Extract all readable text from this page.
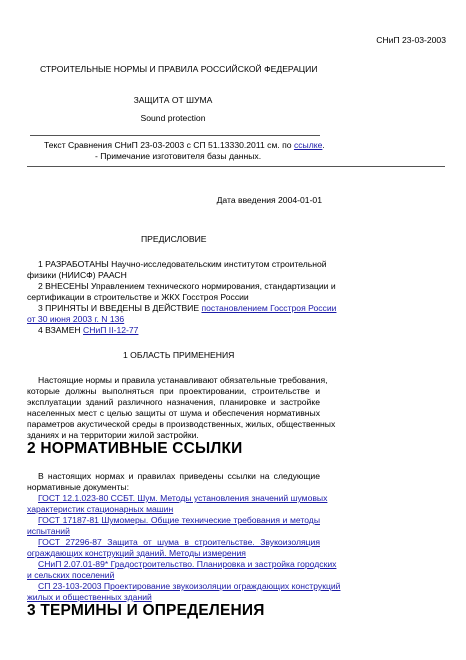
СНиП 23-03-2003
СТРОИТЕЛЬНЫЕ НОРМЫ И ПРАВИЛА РОССИЙСКОЙ ФЕДЕРАЦИИ
ЗАЩИТА ОТ ШУМА
Sound protection
Текст Сравнения СНиП 23-03-2003 с СП 51.13330.2011 см. по ссылке.
- Примечание изготовителя базы данных.
Дата введения 2004-01-01
ПРЕДИСЛОВИЕ
1 РАЗРАБОТАНЫ Научно-исследовательским институтом строительной
физики (НИИСФ) РААСН
2 ВНЕСЕНЫ Управлением технического нормирования, стандартизации и
сертификации в строительстве и ЖКХ Госстроя России
3 ПРИНЯТЫ И ВВЕДЕНЫ В ДЕЙСТВИЕ постановлением Госстроя России
от 30 июня 2003 г. N 136
4 ВЗАМЕН СНиП II-12-77
1 ОБЛАСТЬ ПРИМЕНЕНИЯ
Настоящие нормы и правила устанавливают обязательные требования,
которые должны выполняться при проектировании, строительстве и
эксплуатации зданий различного назначения, планировке и застройке
населенных мест с целью защиты от шума и обеспечения нормативных
параметров акустической среды в производственных, жилых, общественных
зданиях и на территории жилой застройки.
2 НОРМАТИВНЫЕ ССЫЛКИ
В настоящих нормах и правилах приведены ссылки на следующие
нормативные документы:
ГОСТ 12.1.023-80 ССБТ. Шум. Методы установления значений шумовых
характеристик стационарных машин
ГОСТ 17187-81 Шумомеры. Общие технические требования и методы
испытаний
ГОСТ 27296-87 Защита от шума в строительстве. Звукоизоляция
ограждающих конструкций зданий. Методы измерения
СНиП 2.07.01-89* Градостроительство. Планировка и застройка городских
и сельских поселений
СП 23-103-2003 Проектирование звукоизоляции ограждающих конструкций
жилых и общественных зданий
3 ТЕРМИНЫ И ОПРЕДЕЛЕНИЯ
